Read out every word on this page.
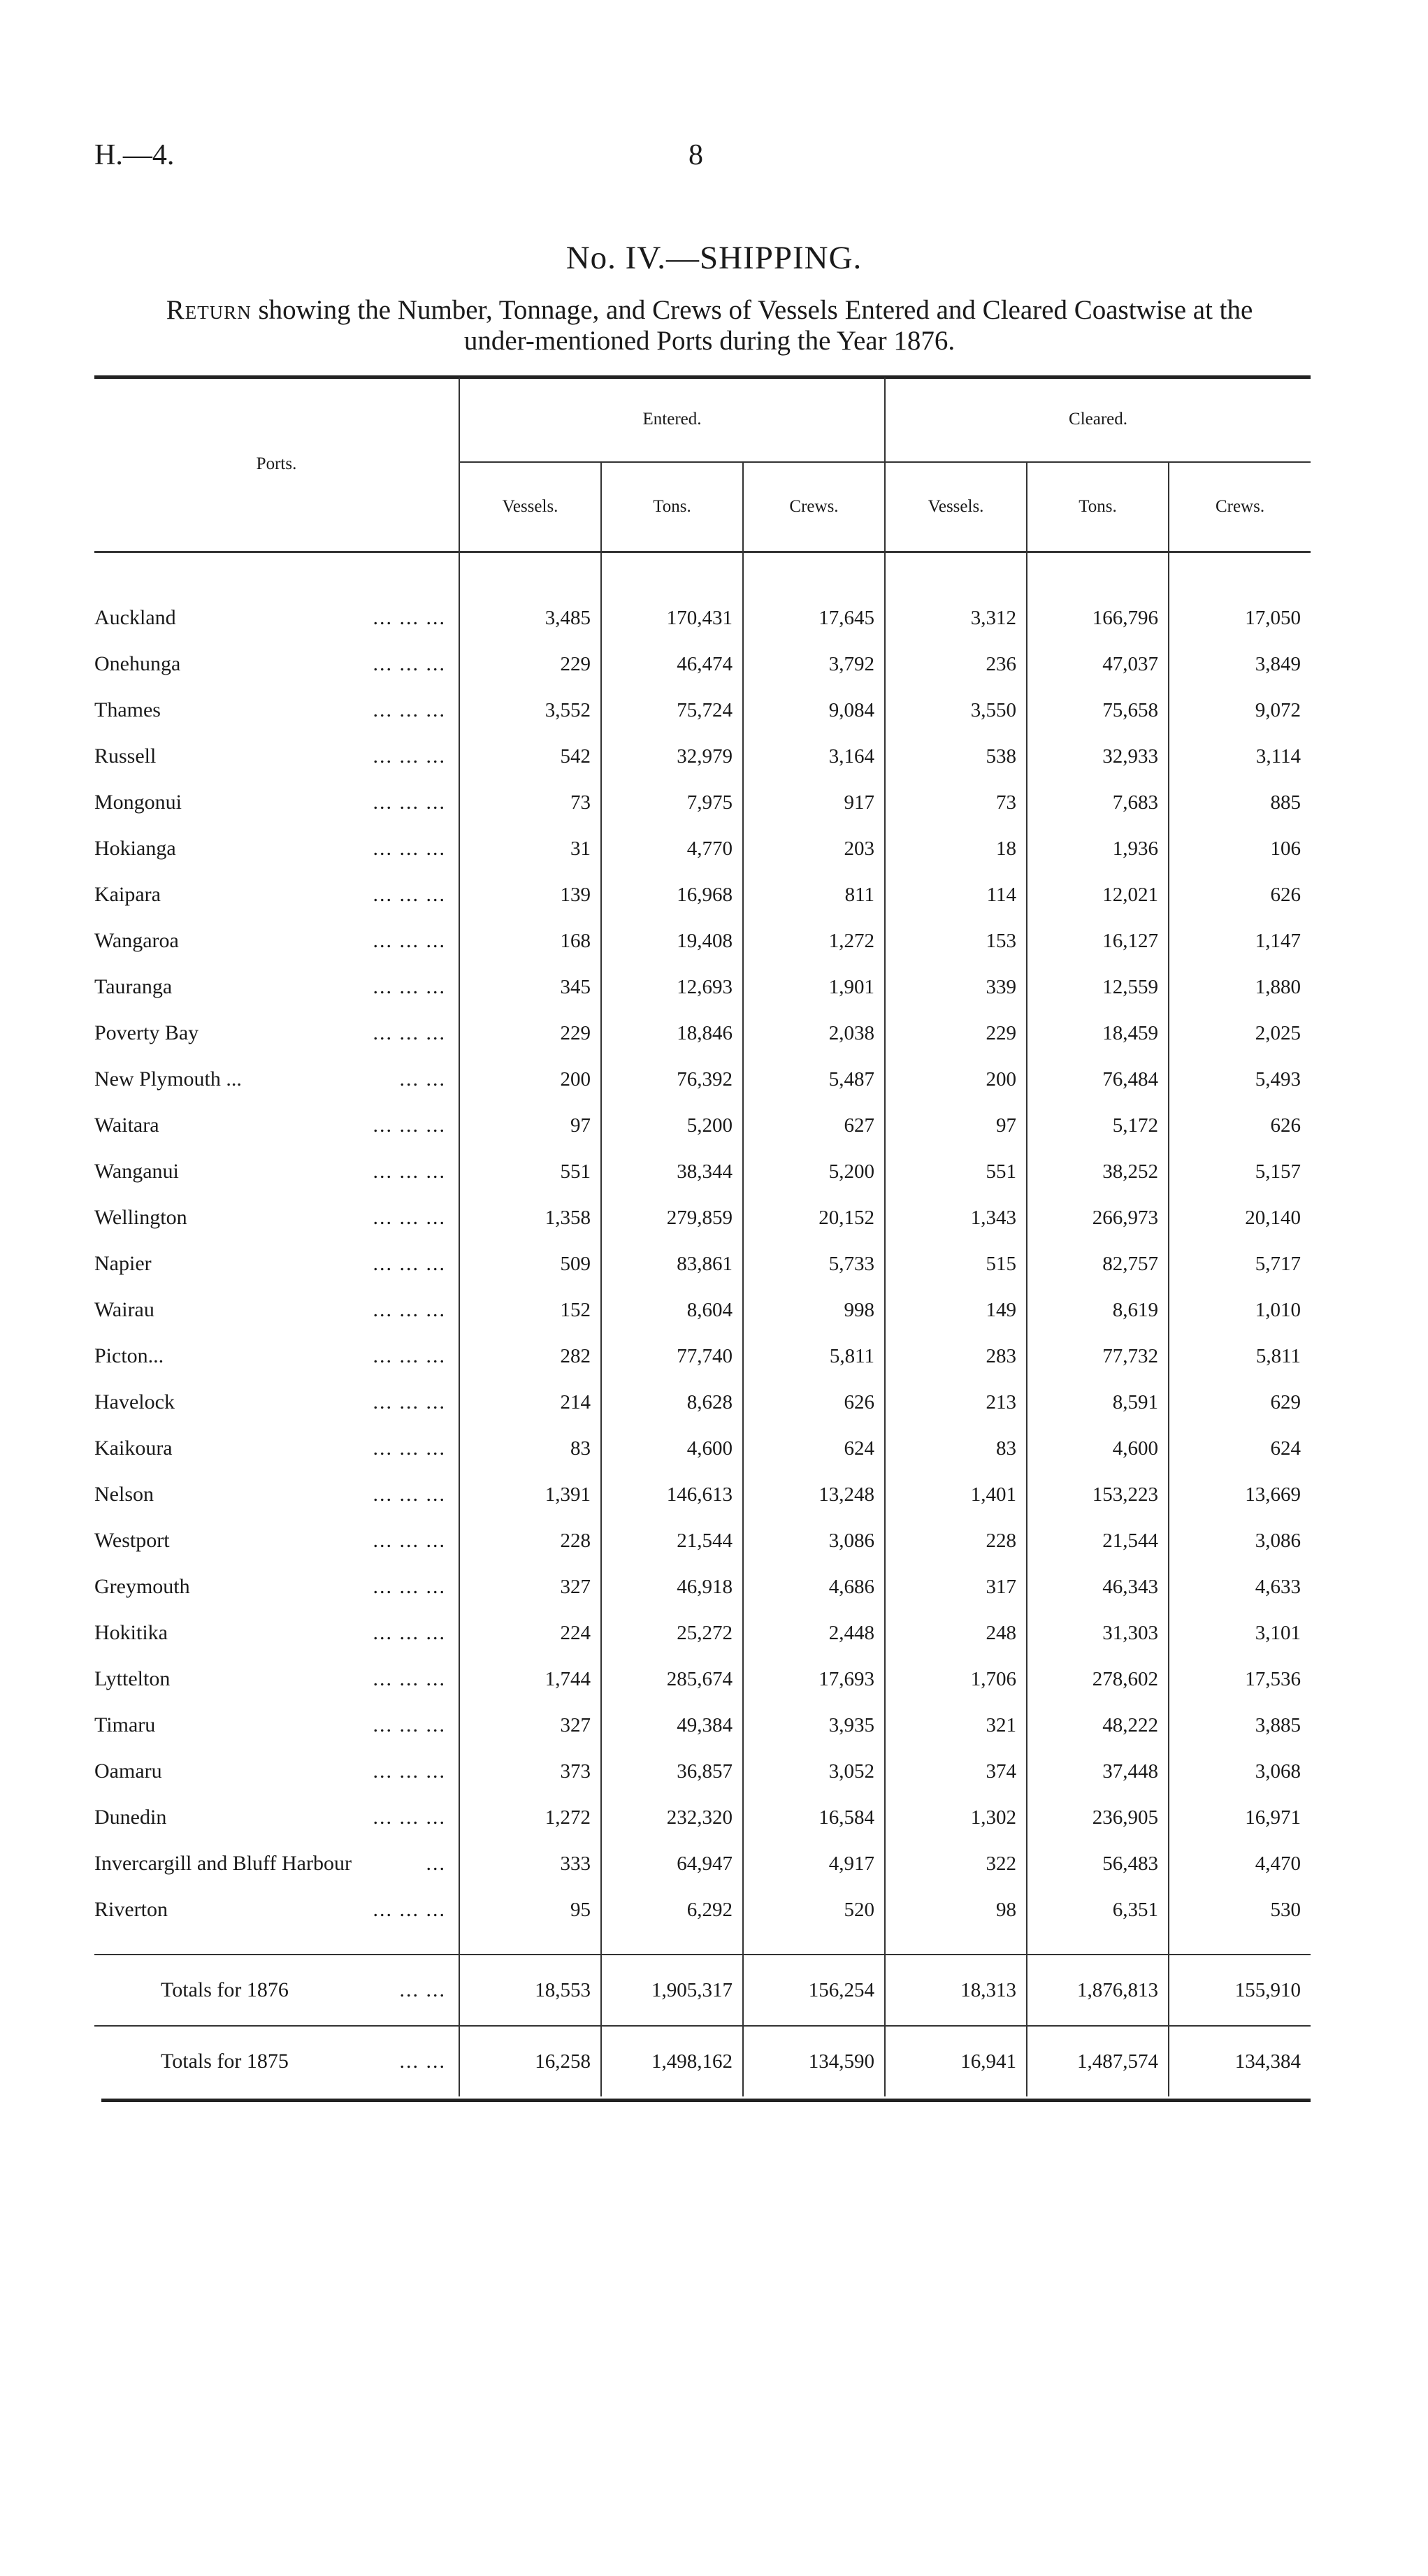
H.—4.	8
No. IV.—SHIPPING.
Return showing the Number, Tonnage, and Crews of Vessels Entered and Cleared Coastwise at the
under-mentioned Ports during the Year 1876.
Ports.	Entered.			Cleared.		
	Vessels.	Tons.	Crews.	Vessels.	Tons.	Crews.

Auckland ... ... ...	3,485	170,431	17,645	3,312	166,796	17,050
Onehunga ... ... ...	229	46,474	3,792	236	47,037	3,849
Thames ... ... ...	3,552	75,724	9,084	3,550	75,658	9,072
Russell ... ... ...	542	32,979	3,164	538	32,933	3,114
Mongonui ... ... ...	73	7,975	917	73	7,683	885
Hokianga ... ... ...	31	4,770	203	18	1,936	106
Kaipara ... ... ...	139	16,968	811	114	12,021	626
Wangaroa ... ... ...	168	19,408	1,272	153	16,127	1,147
Tauranga ... ... ...	345	12,693	1,901	339	12,559	1,880
Poverty Bay ... ... ...	229	18,846	2,038	229	18,459	2,025
New Plymouth ... ... ...	200	76,392	5,487	200	76,484	5,493
Waitara ... ... ...	97	5,200	627	97	5,172	626
Wanganui ... ... ...	551	38,344	5,200	551	38,252	5,157
Wellington ... ... ...	1,358	279,859	20,152	1,343	266,973	20,140
Napier ... ... ...	509	83,861	5,733	515	82,757	5,717
Wairau ... ... ...	152	8,604	998	149	8,619	1,010
Picton... ... ... ...	282	77,740	5,811	283	77,732	5,811
Havelock ... ... ...	214	8,628	626	213	8,591	629
Kaikoura ... ... ...	83	4,600	624	83	4,600	624
Nelson ... ... ...	1,391	146,613	13,248	1,401	153,223	13,669
Westport ... ... ...	228	21,544	3,086	228	21,544	3,086
Greymouth ... ... ...	327	46,918	4,686	317	46,343	4,633
Hokitika ... ... ...	224	25,272	2,448	248	31,303	3,101
Lyttelton ... ... ...	1,744	285,674	17,693	1,706	278,602	17,536
Timaru ... ... ...	327	49,384	3,935	321	48,222	3,885
Oamaru ... ... ...	373	36,857	3,052	374	37,448	3,068
Dunedin ... ... ...	1,272	232,320	16,584	1,302	236,905	16,971
Invercargill and Bluff Harbour ...	333	64,947	4,917	322	56,483	4,470
Riverton ... ... ...	95	6,292	520	98	6,351	530

Totals for 1876 ... ...	18,553	1,905,317	156,254	18,313	1,876,813	155,910
Totals for 1875 ... ...	16,258	1,498,162	134,590	16,941	1,487,574	134,384
